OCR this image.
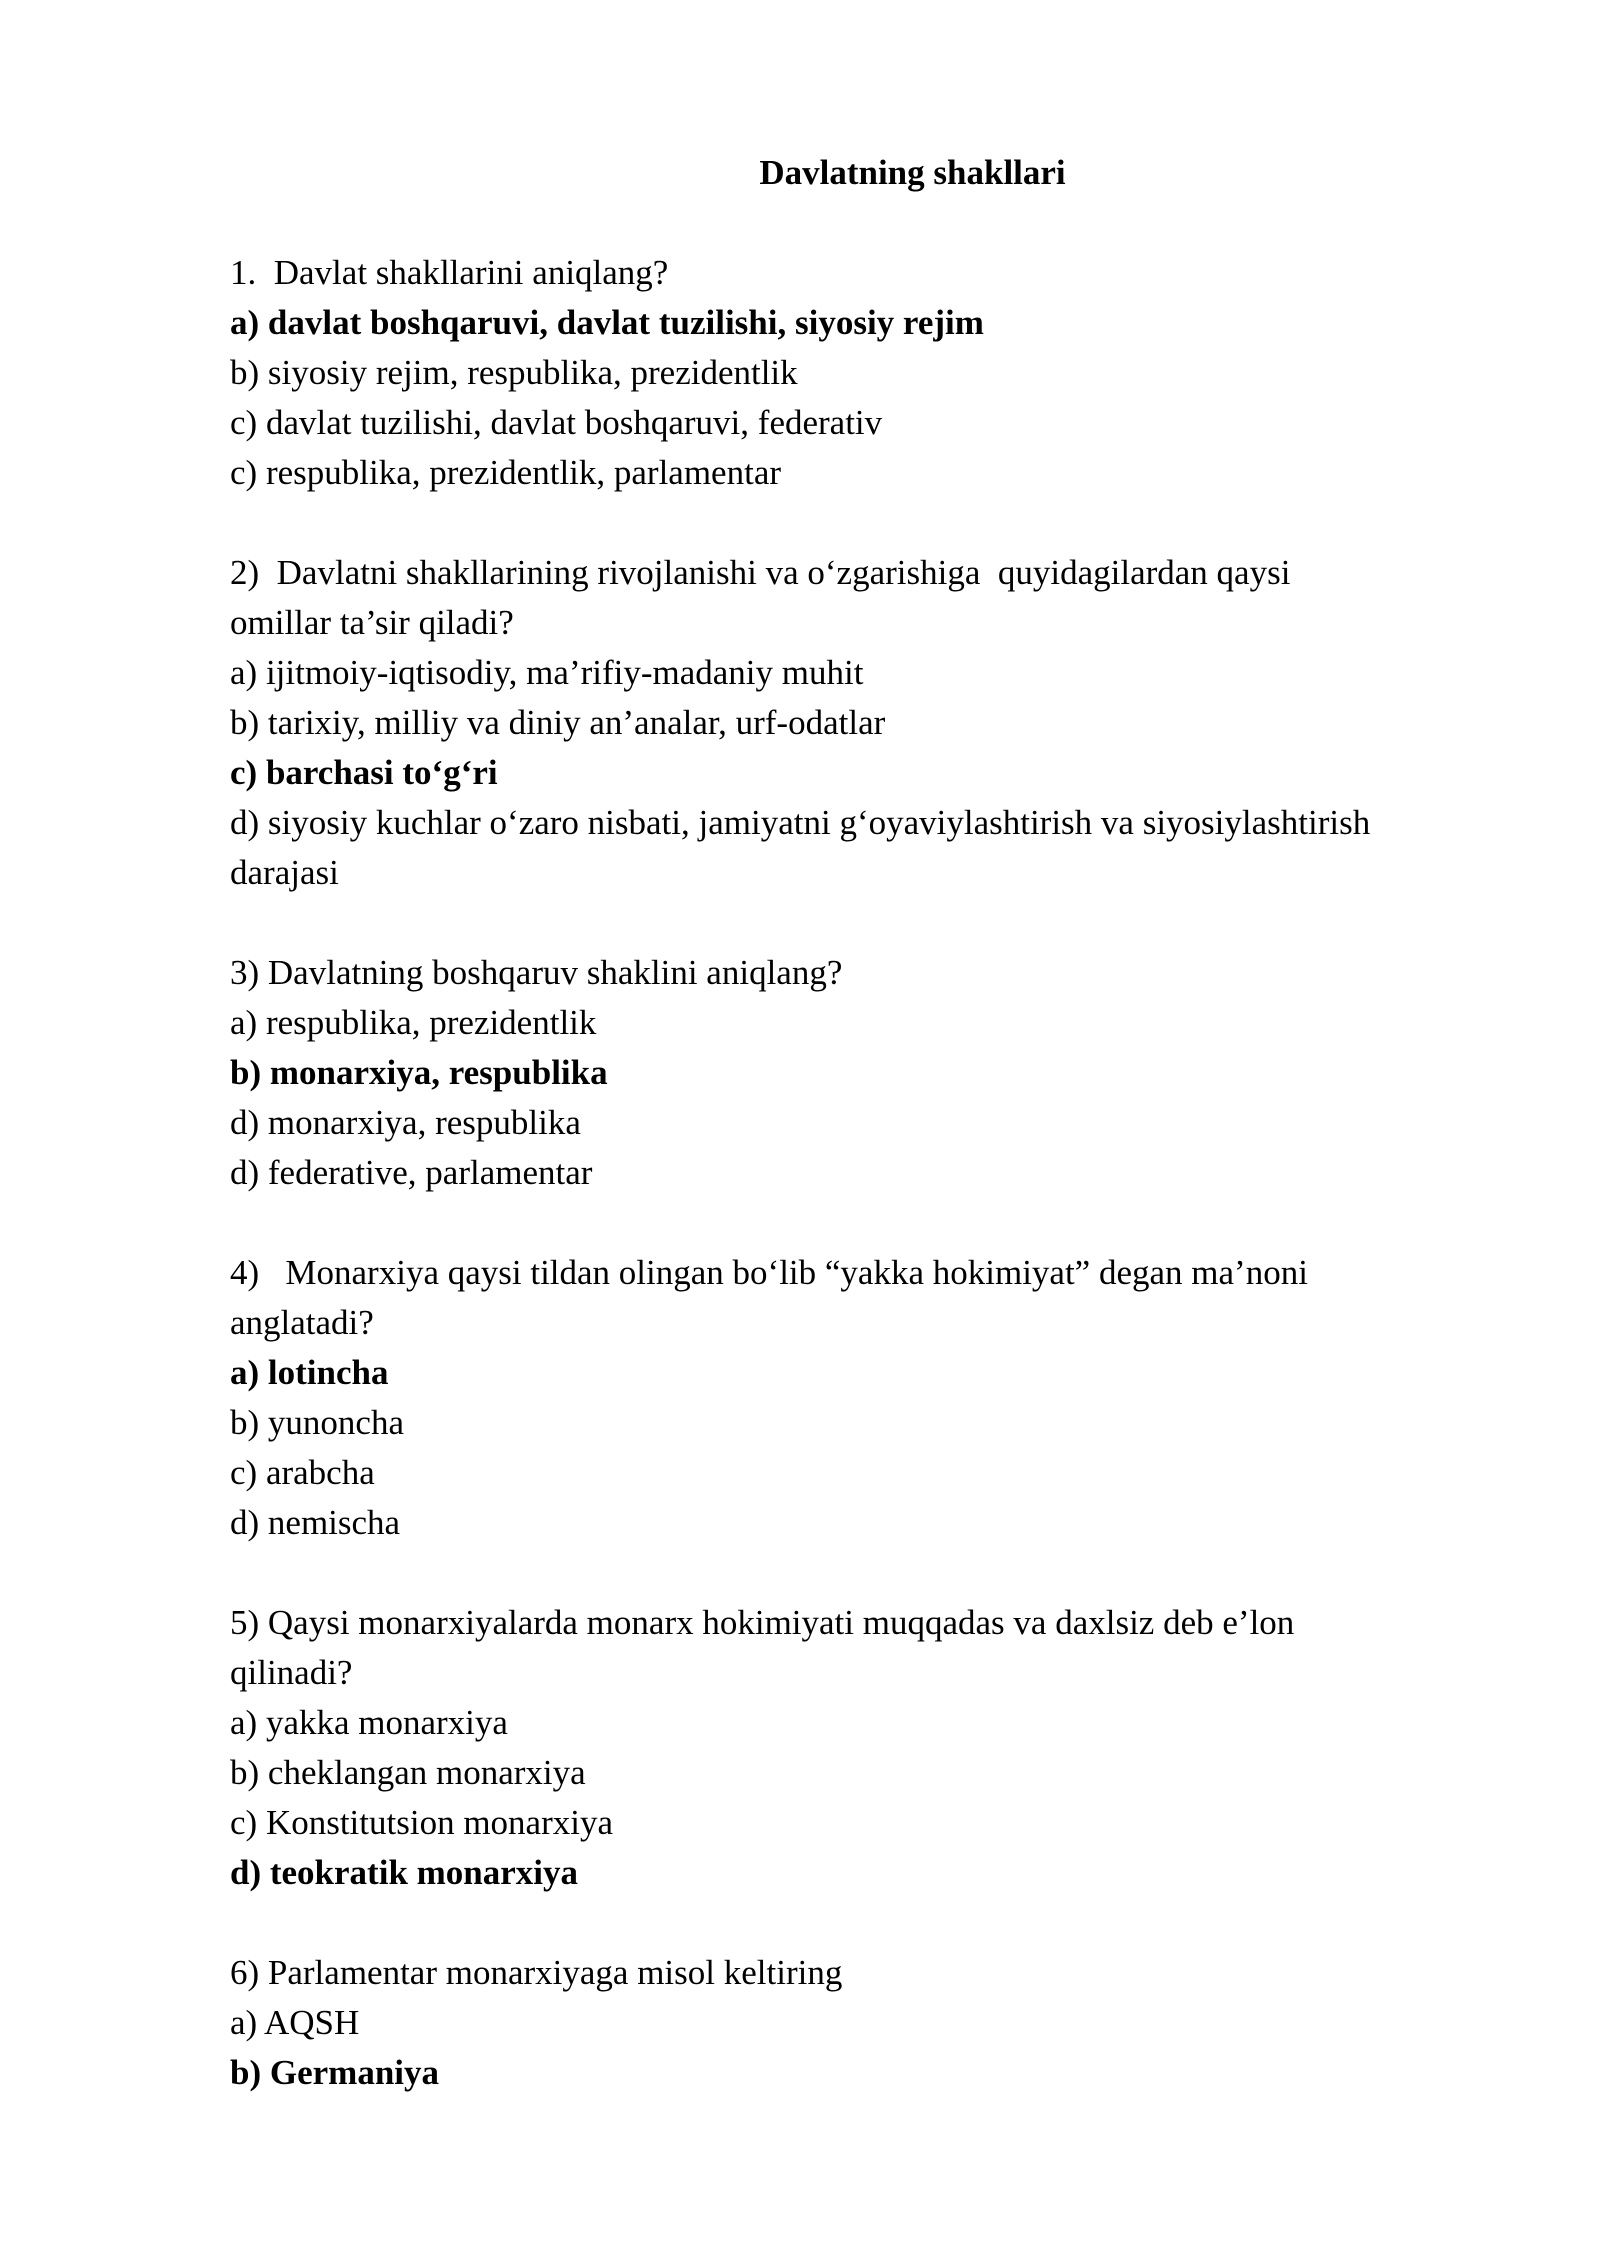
Davlatning shakllari
1.  Davlat shakllarini aniqlang?
a) davlat boshqaruvi, davlat tuzilishi, siyosiy rejim
b) siyosiy rejim, respublika, prezidentlik
c) davlat tuzilishi, davlat boshqaruvi, federativ
c) respublika, prezidentlik, parlamentar
2)  Davlatni shakllarining rivojlanishi va o‘zgarishiga  quyidagilardan qaysi
omillar ta’sir qiladi?
a) ijitmoiy-iqtisodiy, ma’rifiy-madaniy muhit
b) tarixiy, milliy va diniy an’analar, urf-odatlar
c) barchasi to‘g‘ri
d) siyosiy kuchlar o‘zaro nisbati, jamiyatni g‘oyaviylashtirish va siyosiylashtirish
darajasi
3) Davlatning boshqaruv shaklini aniqlang?
a) respublika, prezidentlik
b) monarxiya, respublika
d) monarxiya, respublika
d) federative, parlamentar
4)   Monarxiya qaysi tildan olingan bo‘lib “yakka hokimiyat” degan ma’noni
anglatadi?
a) lotincha
b) yunoncha
c) arabcha
d) nemischa
5) Qaysi monarxiyalarda monarx hokimiyati muqqadas va daxlsiz deb e’lon
qilinadi?
a) yakka monarxiya
b) cheklangan monarxiya
c) Konstitutsion monarxiya
d) teokratik monarxiya
6) Parlamentar monarxiyaga misol keltiring
a) AQSH
b) Germaniya
